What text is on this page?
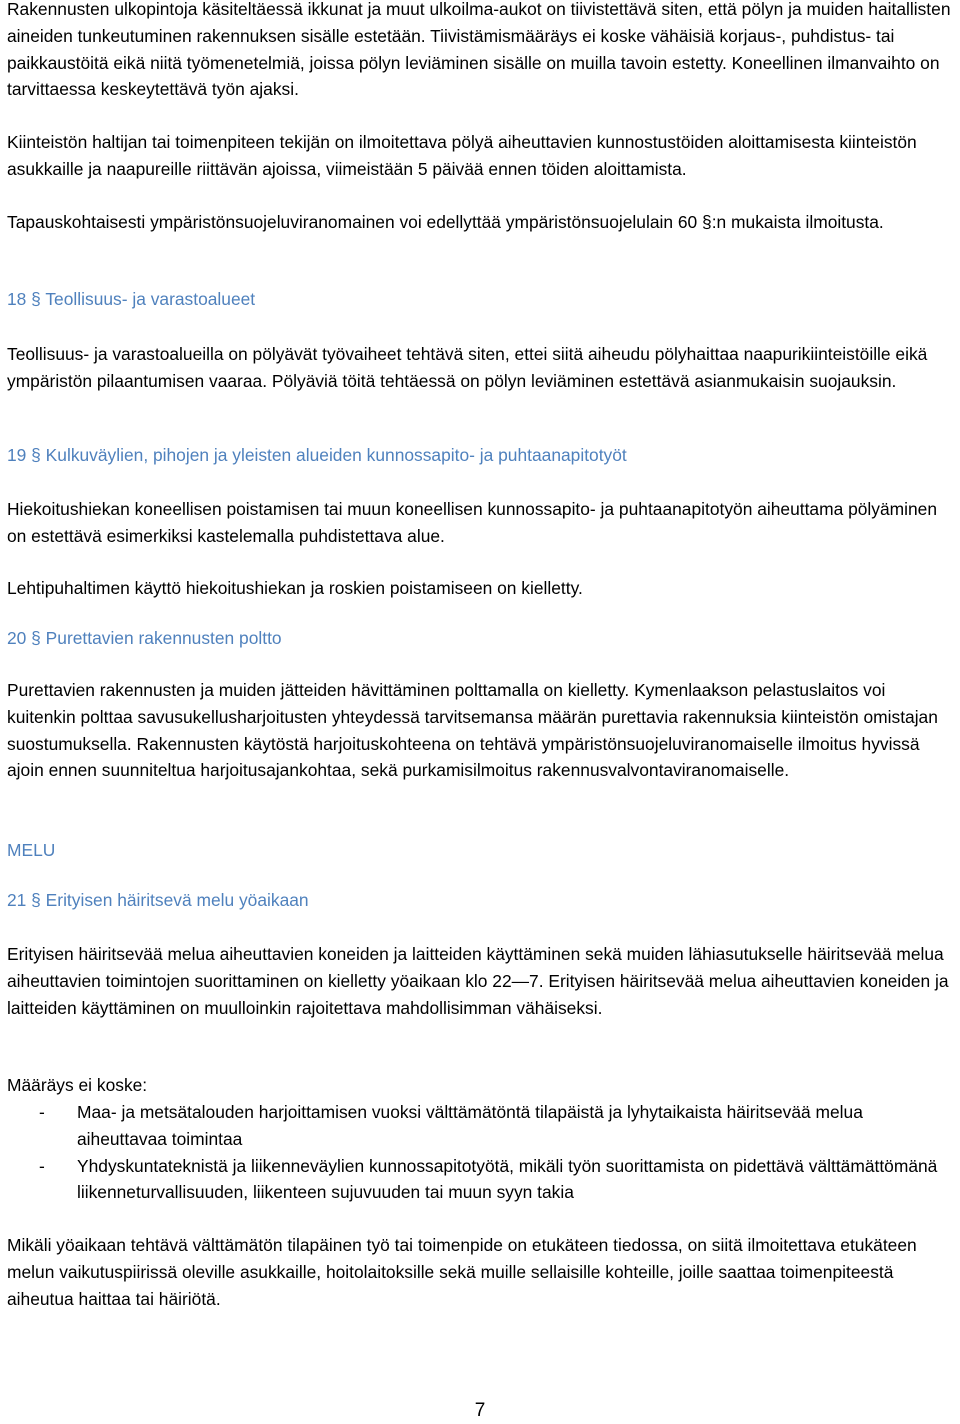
Rakennusten ulkopintoja käsiteltäessä ikkunat ja muut ulkoilma-aukot on tiivistettävä siten, että pölyn ja muiden haitallisten aineiden tunkeutuminen rakennuksen sisälle estetään. Tiivistämismääräys ei koske vähäisiä korjaus-, puhdistus- tai paikkaustöitä eikä niitä työmenetelmiä, joissa pölyn leviäminen sisälle on muilla tavoin estetty. Koneellinen ilmanvaihto on tarvittaessa keskeytettävä työn ajaksi.

Kiinteistön haltijan tai toimenpiteen tekijän on ilmoitettava pölyä aiheuttavien kunnostustöiden aloittamisesta kiinteistön asukkaille ja naapureille riittävän ajoissa, viimeistään 5 päivää ennen töiden aloittamista.

Tapauskohtaisesti ympäristönsuojeluviranomainen voi edellyttää ympäristönsuojelulain 60 §:n mukaista ilmoitusta.

18 § Teollisuus- ja varastoalueet

Teollisuus- ja varastoalueilla on pölyävät työvaiheet tehtävä siten, ettei siitä aiheudu pölyhaittaa naapurikiinteistöille eikä ympäristön pilaantumisen vaaraa. Pölyäviä töitä tehtäessä on pölyn leviäminen estettävä asianmukaisin suojauksin.

19 § Kulkuväylien, pihojen ja yleisten alueiden kunnossapito- ja puhtaanapitotyöt

Hiekoitushiekan koneellisen poistamisen tai muun koneellisen kunnossapito- ja puhtaanapitotyön aiheuttama pölyäminen on estettävä esimerkiksi kastelemalla puhdistettava alue.

Lehtipuhaltimen käyttö hiekoitushiekan ja roskien poistamiseen on kielletty.

20 § Purettavien rakennusten poltto

Purettavien rakennusten ja muiden jätteiden hävittäminen polttamalla on kielletty. Kymenlaakson pelastuslaitos voi kuitenkin polttaa savusukellusharjoitusten yhteydessä tarvitsemansa määrän purettavia rakennuksia kiinteistön omistajan suostumuksella. Rakennusten käytöstä harjoituskohteena on tehtävä ympäristönsuojeluviranomaiselle ilmoitus hyvissä ajoin ennen suunniteltua harjoitusajankohtaa, sekä purkamisilmoitus rakennusvalvontaviranomaiselle.

MELU
21 § Erityisen häiritsevä melu yöaikaan

Erityisen häiritsevää melua aiheuttavien koneiden ja laitteiden käyttäminen sekä muiden lähiasutukselle häiritsevää melua aiheuttavien toimintojen suorittaminen on kielletty yöaikaan klo 22—7. Erityisen häiritsevää melua aiheuttavien koneiden ja laitteiden käyttäminen on muulloinkin rajoitettava mahdollisimman vähäiseksi.

Määräys ei koske:

- Maa- ja metsätalouden harjoittamisen vuoksi välttämätöntä tilapäistä ja lyhytaikaista häiritsevää melua aiheuttavaa toimintaa

- Yhdyskuntateknistä ja liikenneväylien kunnossapitotyötä, mikäli työn suorittamista on pidettävä välttämättömänä liikenneturvallisuuden, liikenteen sujuvuuden tai muun syyn takia

Mikäli yöaikaan tehtävä välttämätön tilapäinen työ tai toimenpide on etukäteen tiedossa, on siitä ilmoitettava etukäteen melun vaikutuspiirissä oleville asukkaille, hoitolaitoksille sekä muille sellaisille kohteille, joille saattaa toimenpiteestä aiheutua haittaa tai häiriötä.

7
